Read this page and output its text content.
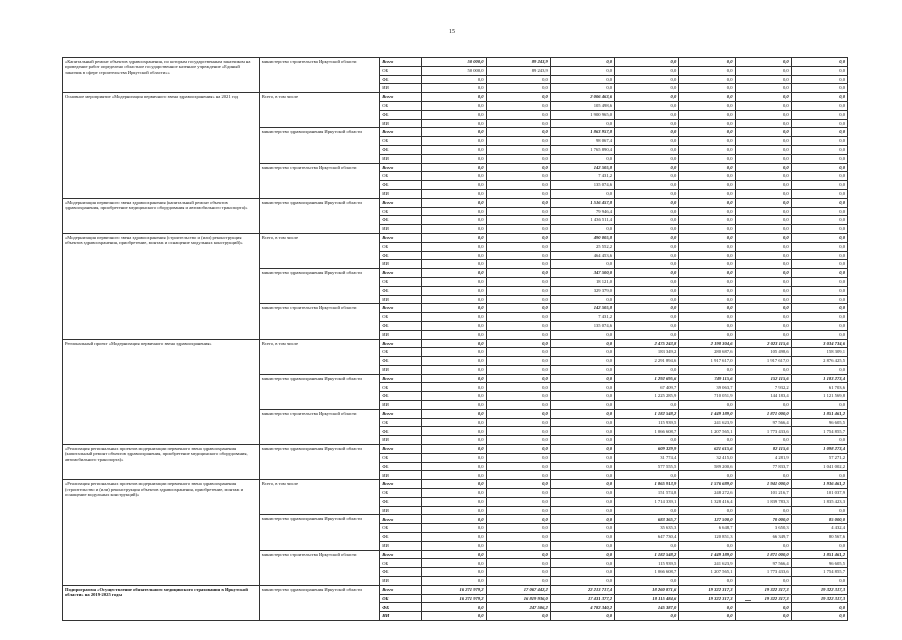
15
«Капитальный ремонт объектов здравоохранения, по которым государственным заказчиком на проведение работ определено областное государственное казенное учреждение «Единый заказчик в сфере строительства Иркутской области»»	министерство строительства Иркутской области	Всего	50 000,0	89 243,9	0,0	0,0	0,0	0,0	0,0
		ОБ	50 000,0	89 243,9	0,0	0,0	0,0	0,0	0,0
		ФБ	0,0	0,0	0,0	0,0	0,0	0,0	0,0
		ИИ	0,0	0,0	0,0	0,0	0,0	0,0	0,0
Основное мероприятие «Модернизация первичного звена здравоохранения» на 2021 год	Всего, в том числе	Всего	0,0	0,0	2 006 463,6	0,0	0,0	0,0	0,0
		ОБ	0,0	0,0	105 498,6	0,0	0,0	0,0	0,0
		ФБ	0,0	0,0	1 900 965,0	0,0	0,0	0,0	0,0
		ИИ	0,0	0,0	0,0	0,0	0,0	0,0	0,0
	министерство здравоохранения Иркутской области	Всего	0,0	0,0	1 863 957,8	0,0	0,0	0,0	0,0
		ОБ	0,0	0,0	98 067,4	0,0	0,0	0,0	0,0
		ФБ	0,0	0,0	1 765 890,4	0,0	0,0	0,0	0,0
		ИИ	0,0	0,0	0,0	0,0	0,0	0,0	0,0
	министерство строительства Иркутской области	Всего	0,0	0,0	142 505,8	0,0	0,0	0,0	0,0
		ОБ	0,0	0,0	7 431,2	0,0	0,0	0,0	0,0
		ФБ	0,0	0,0	135 074,6	0,0	0,0	0,0	0,0
		ИИ	0,0	0,0	0,0	0,0	0,0	0,0	0,0
«Модернизация первичного звена здравоохранения (капитальный ремонт объектов здравоохранения, приобретение медицинского оборудования и автомобильного транспорта)»	министерство здравоохранения Иркутской области	Всего	0,0	0,0	1 516 457,8	0,0	0,0	0,0	0,0
		ОБ	0,0	0,0	79 946,4	0,0	0,0	0,0	0,0
		ФБ	0,0	0,0	1 436 511,4	0,0	0,0	0,0	0,0
		ИИ	0,0	0,0	0,0	0,0	0,0	0,0	0,0
«Модернизация первичного звена здравоохранения (строительство и (или) реконструкция объектов здравоохранения, приобретение, монтаж и оснащение модульных конструкций)»	Всего, в том числе	Всего	0,0	0,0	490 005,8	0,0	0,0	0,0	0,0
		ОБ	0,0	0,0	25 552,2	0,0	0,0	0,0	0,0
		ФБ	0,0	0,0	464 453,6	0,0	0,0	0,0	0,0
		ИИ	0,0	0,0	0,0	0,0	0,0	0,0	0,0
	министерство здравоохранения Иркутской области	Всего	0,0	0,0	347 500,0	0,0	0,0	0,0	0,0
		ОБ	0,0	0,0	18 121,0	0,0	0,0	0,0	0,0
		ФБ	0,0	0,0	329 379,0	0,0	0,0	0,0	0,0
		ИИ	0,0	0,0	0,0	0,0	0,0	0,0	0,0
	министерство строительства Иркутской области	Всего	0,0	0,0	142 505,8	0,0	0,0	0,0	0,0
		ОБ	0,0	0,0	7 431,2	0,0	0,0	0,0	0,0
		ФБ	0,0	0,0	135 074,6	0,0	0,0	0,0	0,0
		ИИ	0,0	0,0	0,0	0,0	0,0	0,0	0,0
Региональный проект «Модернизация первичного звена здравоохранения»	Всего, в том числе	Всего	0,0	0,0	0,0	2 475 243,8	2 198 304,6	2 023 115,6	3 034 734,6
		ОБ	0,0	0,0	0,0	183 349,2	280 687,6	105 498,6	158 309,1
		ФБ	0,0	0,0	0,0	2 291 894,6	1 917 617,0	1 917 617,0	2 876 425,5
		ИИ	0,0	0,0	0,0	0,0	0,0	0,0	0,0
	министерство здравоохранения Иркутской области	Всего	0,0	0,0	0,0	1 292 695,6	749 115,6	152 115,6	1 183 273,4
		ОБ	0,0	0,0	0,0	67 409,7	39 063,7	7 932,2	61 703,6
		ФБ	0,0	0,0	0,0	1 225 285,9	710 051,9	144 183,4	1 121 569,8
		ИИ	0,0	0,0	0,0	0,0	0,0	0,0	0,0
	министерство строительства Иркутской области	Всего	0,0	0,0	0,0	1 182 548,2	1 449 189,0	1 871 000,0	1 851 461,2
		ОБ	0,0	0,0	0,0	115 939,5	241 623,9	97 566,4	96 605,5
		ФБ	0,0	0,0	0,0	1 066 608,7	1 207 565,1	1 773 433,6	1 754 855,7
		ИИ	0,0	0,0	0,0	0,0	0,0	0,0	0,0
«Реализация региональных проектов модернизации первичного звена здравоохранения (капитальный ремонт объектов здравоохранения, приобретение медицинского оборудования, автомобильного транспорта)»	министерство здравоохранения Иркутской области	Всего	0,0	0,0	0,0	609 329,9	621 615,6	82 115,6	1 098 273,4
		ОБ	0,0	0,0	0,0	31 774,4	32 415,0	4 281,9	57 271,2
		ФБ	0,0	0,0	0,0	577 555,5	589 200,6	77 833,7	1 041 002,2
		ИИ	0,0	0,0	0,0	0,0	0,0	0,0	0,0
«Реализация региональных проектов модернизации первичного звена здравоохранения (строительство и (или) реконструкция объектов здравоохранения, приобретение, монтаж и оснащение модульных конструкций)»	Всего, в том числе	Всего	0,0	0,0	0,0	1 865 913,9	1 576 689,0	1 941 000,0	1 936 461,2
		ОБ	0,0	0,0	0,0	151 574,8	248 272,6	101 216,7	101 037,9
		ФБ	0,0	0,0	0,0	1 714 339,1	1 328 416,4	1 839 783,3	1 835 423,3
		ИИ	0,0	0,0	0,0	0,0	0,0	0,0	0,0
	министерство здравоохранения Иркутской области	Всего	0,0	0,0	0,0	683 365,7	127 500,0	70 000,0	85 000,0
		ОБ	0,0	0,0	0,0	35 635,3	6 648,7	3 650,3	4 432,4
		ФБ	0,0	0,0	0,0	647 730,4	120 851,3	66 349,7	80 567,6
		ИИ	0,0	0,0	0,0	0,0	0,0	0,0	0,0
	министерство строительства Иркутской области	Всего	0,0	0,0	0,0	1 182 548,2	1 449 189,0	1 871 000,0	1 851 461,2
		ОБ	0,0	0,0	0,0	115 939,5	241 623,9	97 566,4	96 605,5
		ФБ	0,0	0,0	0,0	1 066 608,7	1 207 565,1	1 773 433,6	1 754 855,7
		ИИ	0,0	0,0	0,0	0,0	0,0	0,0	0,0
Подпрограмма «Осуществление обязательного медицинского страхования в Иркутской области» на 2019-2025 годы	министерство здравоохранения Иркутской области	Всего	16 271 979,2	17 067 442,2	22 213 717,4	18 260 871,6	19 322 317,3	19 322 317,3	19 322 317,3
		ОБ	16 271 979,2	16 819 936,0	17 431 377,2	18 115 484,6	19 322 317,3	19 322 317,3	19 322 317,3
		ФБ	0,0	247 506,2	4 782 340,2	145 387,0	0,0	0,0	0,0
		ИИ	0,0	0,0	0,0	0,0	0,0	0,0	0,0
